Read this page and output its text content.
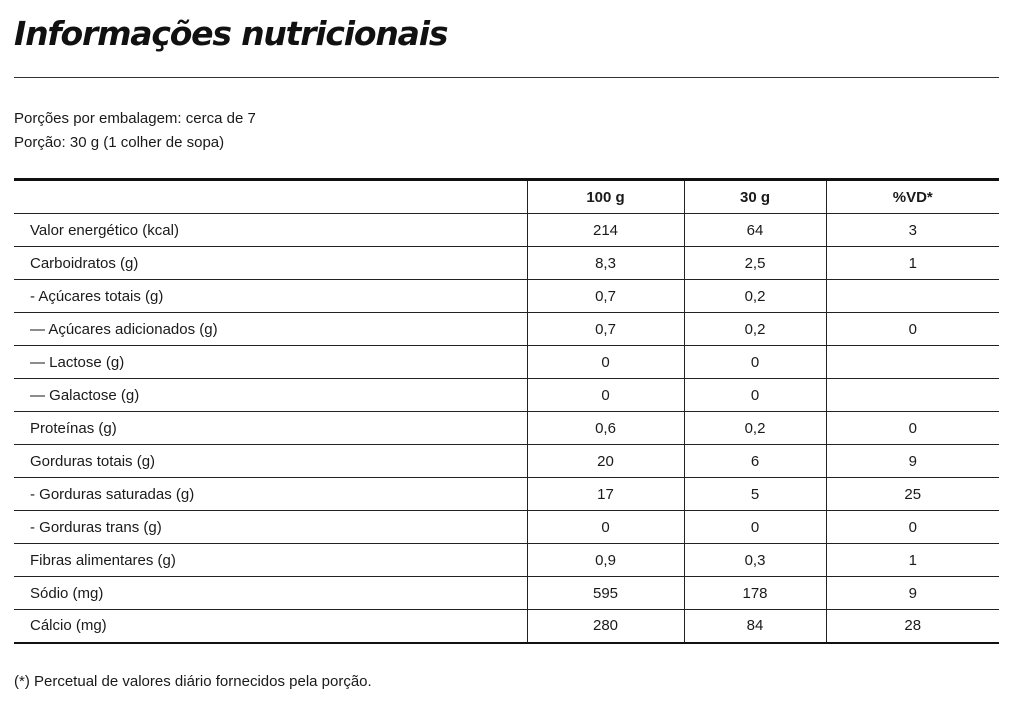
Informações nutricionais
Porções por embalagem: cerca de 7
Porção: 30 g (1 colher de sopa)
	100 g	30 g	%VD*
Valor energético (kcal)	214	64	3
Carboidratos (g)	8,3	2,5	1
- Açúcares totais (g)	0,7	0,2	
— Açúcares adicionados (g)	0,7	0,2	0
— Lactose (g)	0	0	
— Galactose (g)	0	0	
Proteínas (g)	0,6	0,2	0
Gorduras totais (g)	20	6	9
- Gorduras saturadas (g)	17	5	25
- Gorduras trans (g)	0	0	0
Fibras alimentares (g)	0,9	0,3	1
Sódio (mg)	595	178	9
Cálcio (mg)	280	84	28

(*) Percetual de valores diário fornecidos pela porção.
